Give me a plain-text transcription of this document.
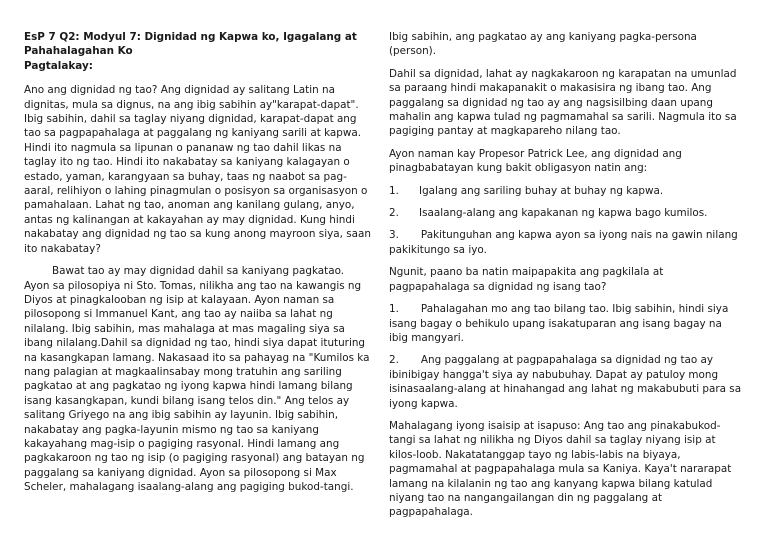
EsP 7 Q2: Modyul 7: Dignidad ng Kapwa ko, Igagalang at Pahahalagahan Ko

Pagtalakay:

Ano ang dignidad ng tao? Ang dignidad ay salitang Latin na dignitas, mula sa dignus, na ang ibig sabihin ay"karapat-dapat". Ibig sabihin, dahil sa taglay niyang dignidad, karapat-dapat ang tao sa pagpapahalaga at paggalang ng kaniyang sarili at kapwa. Hindi ito nagmula sa lipunan o pananaw ng tao dahil likas na taglay ito ng tao. Hindi ito nakabatay sa kaniyang kalagayan o estado, yaman, karangyaan sa buhay, taas ng naabot sa pag-aaral, relihiyon o lahing pinagmulan o posisyon sa organisasyon o pamahalaan. Lahat ng tao, anoman ang kanilang gulang, anyo, antas ng kalinangan at kakayahan ay may dignidad. Kung hindi nakabatay ang dignidad ng tao sa kung anong mayroon siya, saan ito nakabatay?

Bawat tao ay may dignidad dahil sa kaniyang pagkatao. Ayon sa pilosopiya ni Sto. Tomas, nilikha ang tao na kawangis ng Diyos at pinagkalooban ng isip at kalayaan. Ayon naman sa pilosopong si Immanuel Kant, ang tao ay naiiba sa lahat ng nilalang. Ibig sabihin, mas mahalaga at mas magaling siya sa ibang nilalang.Dahil sa dignidad ng tao, hindi siya dapat ituturing na kasangkapan lamang. Nakasaad ito sa pahayag na "Kumilos ka nang palagian at magkaalinsabay mong tratuhin ang sariling pagkatao at ang pagkatao ng iyong kapwa hindi lamang bilang isang kasangkapan, kundi bilang isang telos din." Ang telos ay salitang Griyego na ang ibig sabihin ay layunin. Ibig sabihin, nakabatay ang pagka-layunin mismo ng tao sa kaniyang kakayahang mag-isip o pagiging rasyonal. Hindi lamang ang pagkakaroon ng tao ng isip (o pagiging rasyonal) ang batayan ng paggalang sa kaniyang dignidad. Ayon sa pilosopong si Max Scheler, mahalagang isaalang-alang ang pagiging bukod-tangi.

Ibig sabihin, ang pagkatao ay ang kaniyang pagka-persona (person).

Dahil sa dignidad, lahat ay nagkakaroon ng karapatan na umunlad sa paraang hindi makapanakit o makasisira ng ibang tao. Ang paggalang sa dignidad ng tao ay ang nagsisilbing daan upang mahalin ang kapwa tulad ng pagmamahal sa sarili. Nagmula ito sa pagiging pantay at magkapareho nilang tao.

Ayon naman kay Propesor Patrick Lee, ang dignidad ang pinagbabatayan kung bakit obligasyon natin ang:

1.	Igalang ang sariling buhay at buhay ng kapwa.
2.	Isaalang-alang ang kapakanan ng kapwa bago kumilos.
3. Pakitunguhan ang kapwa ayon sa iyong nais na gawin nilang pakikitungo sa iyo.

Ngunit, paano ba natin maipapakita ang pagkilala at pagpapahalaga sa dignidad ng isang tao?

1. Pahalagahan mo ang tao bilang tao. Ibig sabihin, hindi siya isang bagay o behikulo upang isakatuparan ang isang bagay na ibig mangyari.
2. Ang paggalang at pagpapahalaga sa dignidad ng tao ay ibinibigay hangga't siya ay nabubuhay. Dapat ay patuloy mong isinasaalang-alang at hinahangad ang lahat ng makabubuti para sa iyong kapwa.

Mahalagang iyong isaisip at isapuso: Ang tao ang pinakabukod-tangi sa lahat ng nilikha ng Diyos dahil sa taglay niyang isip at kilos-loob. Nakatatanggap tayo ng labis-labis na biyaya, pagmamahal at pagpapahalaga mula sa Kaniya. Kaya't nararapat lamang na kilalanin ng tao ang kanyang kapwa bilang katulad niyang tao na nangangailangan din ng paggalang at pagpapahalaga.
